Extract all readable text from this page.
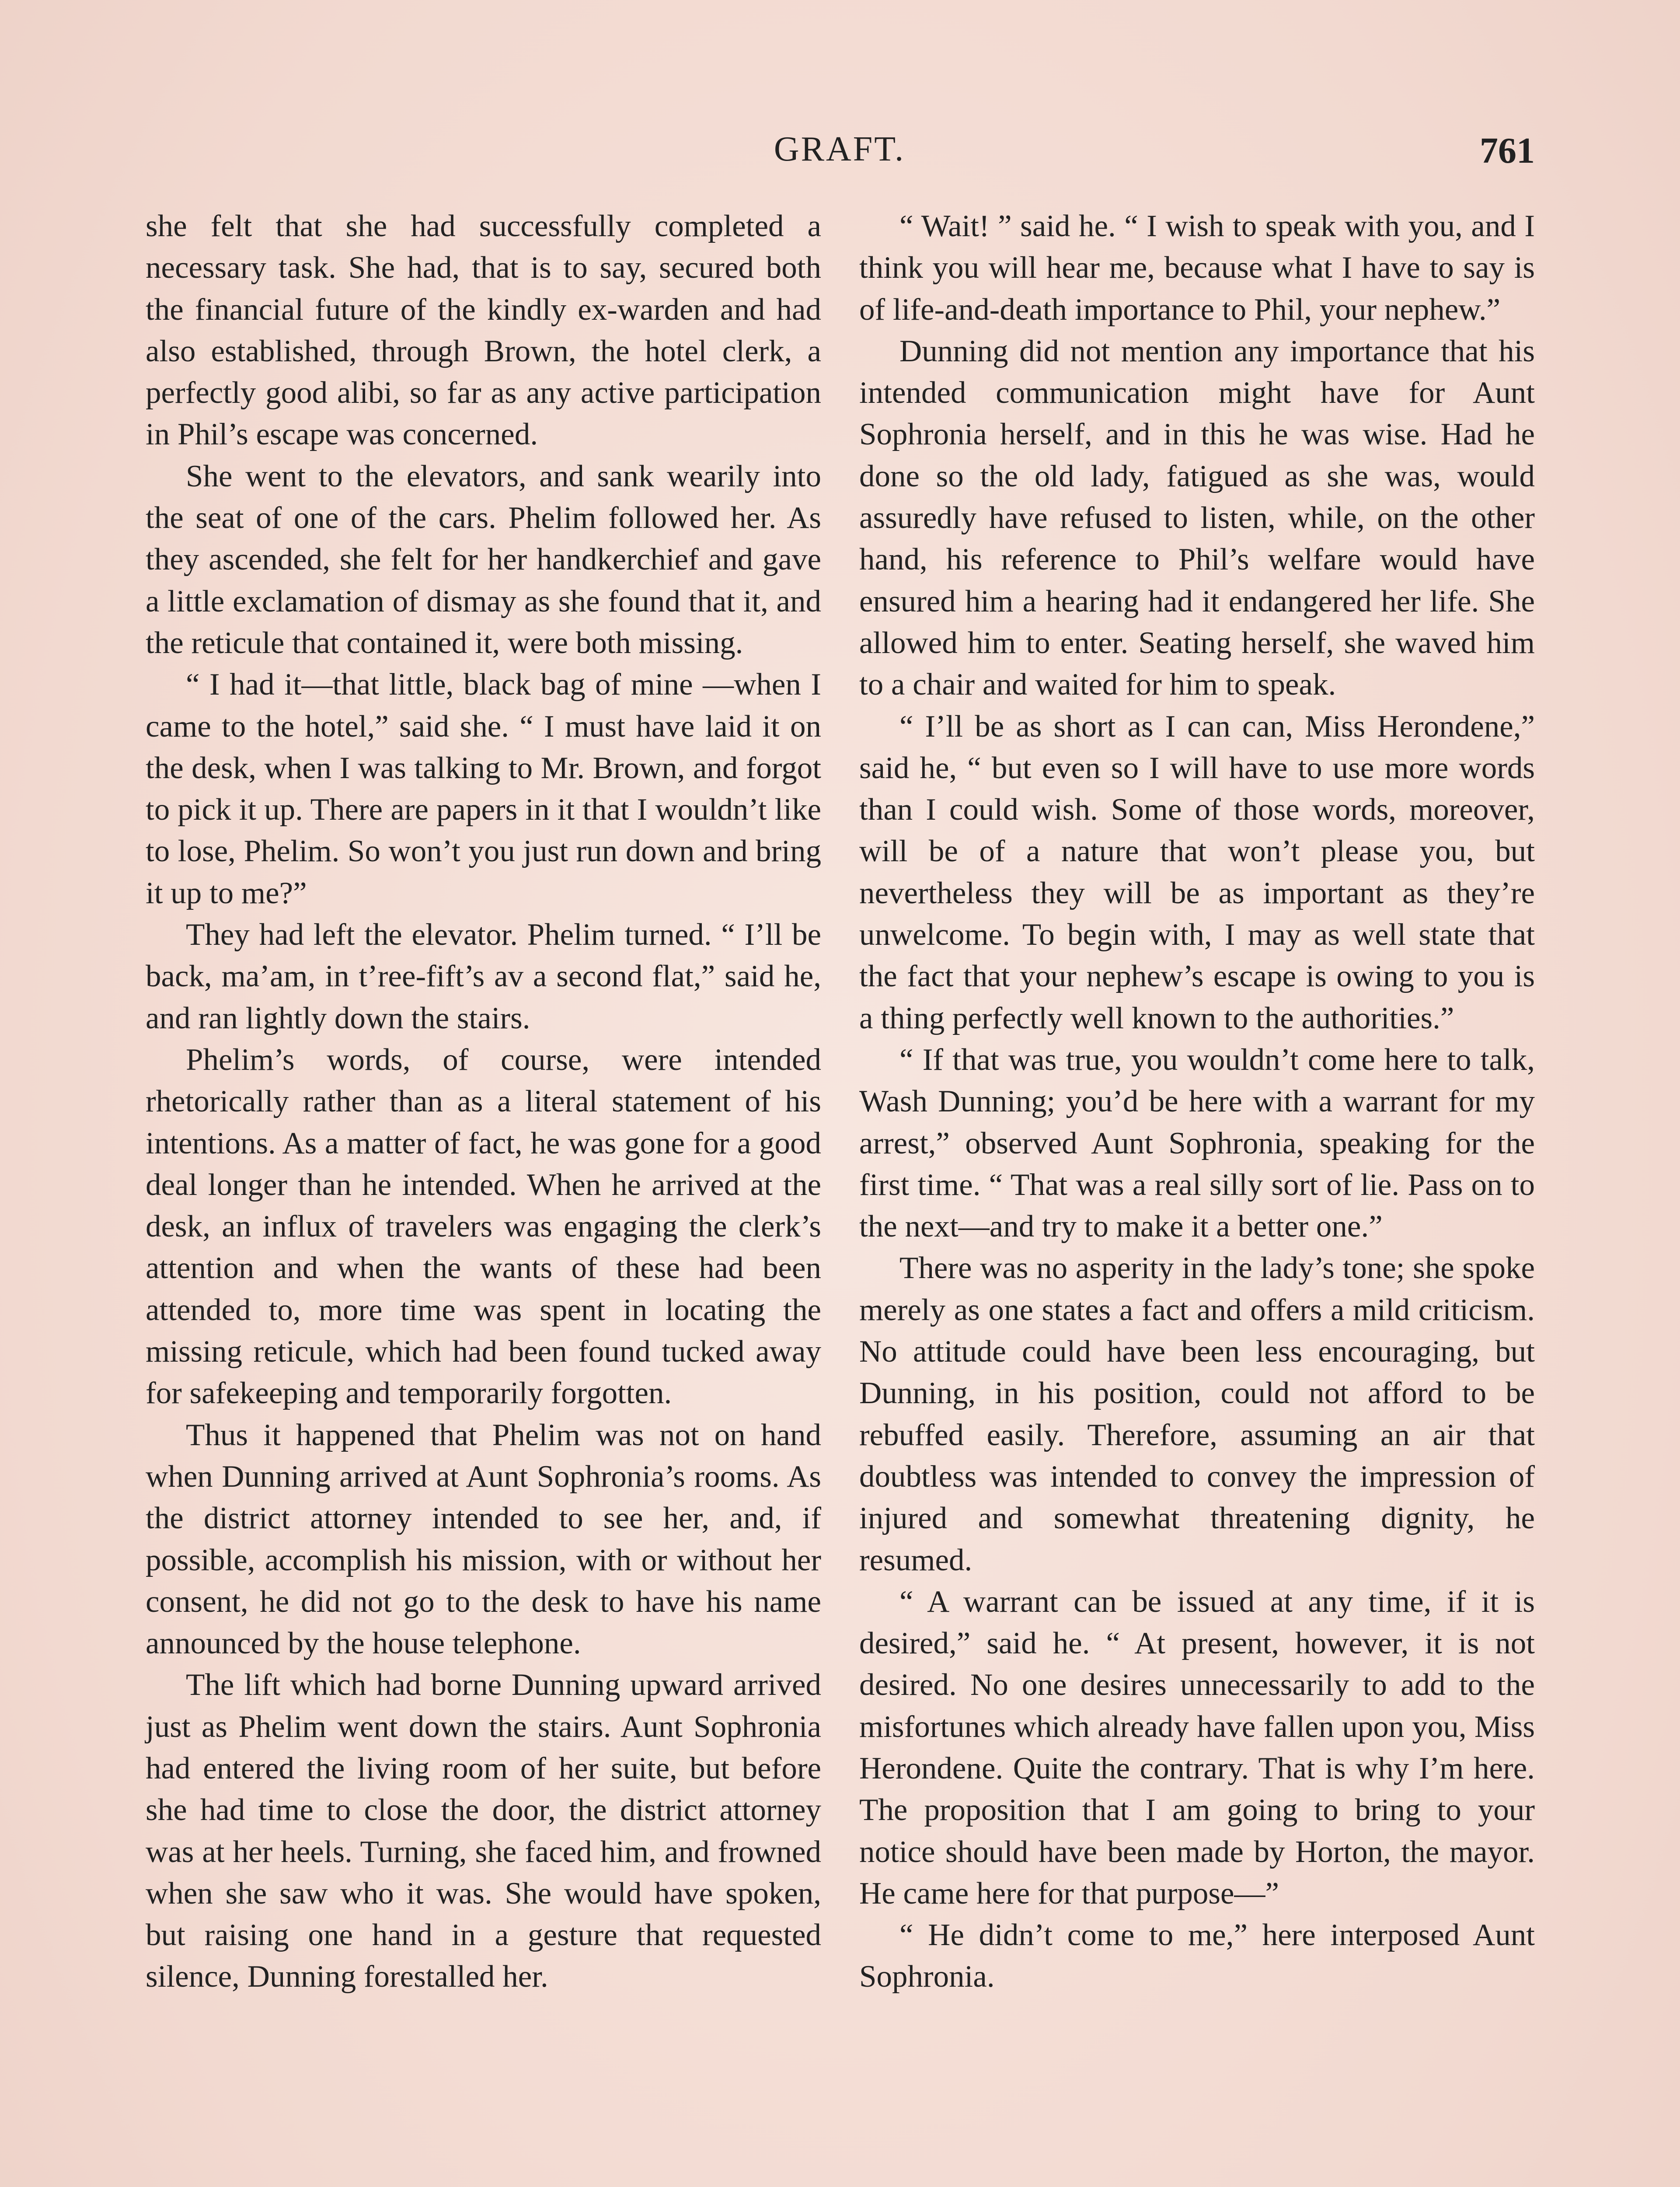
GRAFT.	761

she felt that she had successfully completed a necessary task. She had, that is to say, secured both the financial future of the kindly ex-warden and had also established, through Brown, the hotel clerk, a perfectly good alibi, so far as any active participation in Phil’s escape was concerned.

She went to the elevators, and sank wearily into the seat of one of the cars. Phelim followed her. As they ascended, she felt for her handkerchief and gave a little exclamation of dismay as she found that it, and the reticule that contained it, were both missing.

“ I had it—that little, black bag of mine —when I came to the hotel,” said she. “ I must have laid it on the desk, when I was talking to Mr. Brown, and forgot to pick it up. There are papers in it that I wouldn’t like to lose, Phelim. So won’t you just run down and bring it up to me?”

They had left the elevator. Phelim turned. “ I’ll be back, ma’am, in t’ree-fift’s av a second flat,” said he, and ran lightly down the stairs.

Phelim’s words, of course, were intended rhetorically rather than as a literal statement of his intentions. As a matter of fact, he was gone for a good deal longer than he intended. When he arrived at the desk, an influx of travelers was engaging the clerk’s attention and when the wants of these had been attended to, more time was spent in locating the missing reticule, which had been found tucked away for safekeeping and temporarily forgotten.

Thus it happened that Phelim was not on hand when Dunning arrived at Aunt Sophronia’s rooms. As the district attorney intended to see her, and, if possible, accomplish his mission, with or without her consent, he did not go to the desk to have his name announced by the house telephone.

The lift which had borne Dunning upward arrived just as Phelim went down the stairs. Aunt Sophronia had entered the living room of her suite, but before she had time to close the door, the district attorney was at her heels. Turning, she faced him, and frowned when she saw who it was. She would have spoken, but raising one hand in a gesture that requested silence, Dunning forestalled her.

“ Wait! ” said he. “ I wish to speak with you, and I think you will hear me, because what I have to say is of life-and-death importance to Phil, your nephew.”

Dunning did not mention any importance that his intended communication might have for Aunt Sophronia herself, and in this he was wise. Had he done so the old lady, fatigued as she was, would assuredly have refused to listen, while, on the other hand, his reference to Phil’s welfare would have ensured him a hearing had it endangered her life. She allowed him to enter. Seating herself, she waved him to a chair and waited for him to speak.

“ I’ll be as short as I can can, Miss Herondene,” said he, “ but even so I will have to use more words than I could wish. Some of those words, moreover, will be of a nature that won’t please you, but nevertheless they will be as important as they’re unwelcome. To begin with, I may as well state that the fact that your nephew’s escape is owing to you is a thing perfectly well known to the authorities.”

“ If that was true, you wouldn’t come here to talk, Wash Dunning; you’d be here with a warrant for my arrest,” observed Aunt Sophronia, speaking for the first time. “ That was a real silly sort of lie. Pass on to the next—and try to make it a better one.”

There was no asperity in the lady’s tone; she spoke merely as one states a fact and offers a mild criticism. No attitude could have been less encouraging, but Dunning, in his position, could not afford to be rebuffed easily. Therefore, assuming an air that doubtless was intended to convey the impression of injured and somewhat threatening dignity, he resumed.

“ A warrant can be issued at any time, if it is desired,” said he. “ At present, however, it is not desired. No one desires unnecessarily to add to the misfortunes which already have fallen upon you, Miss Herondene. Quite the contrary. That is why I’m here. The proposition that I am going to bring to your notice should have been made by Horton, the mayor. He came here for that purpose—”

“ He didn’t come to me,” here interposed Aunt Sophronia.
